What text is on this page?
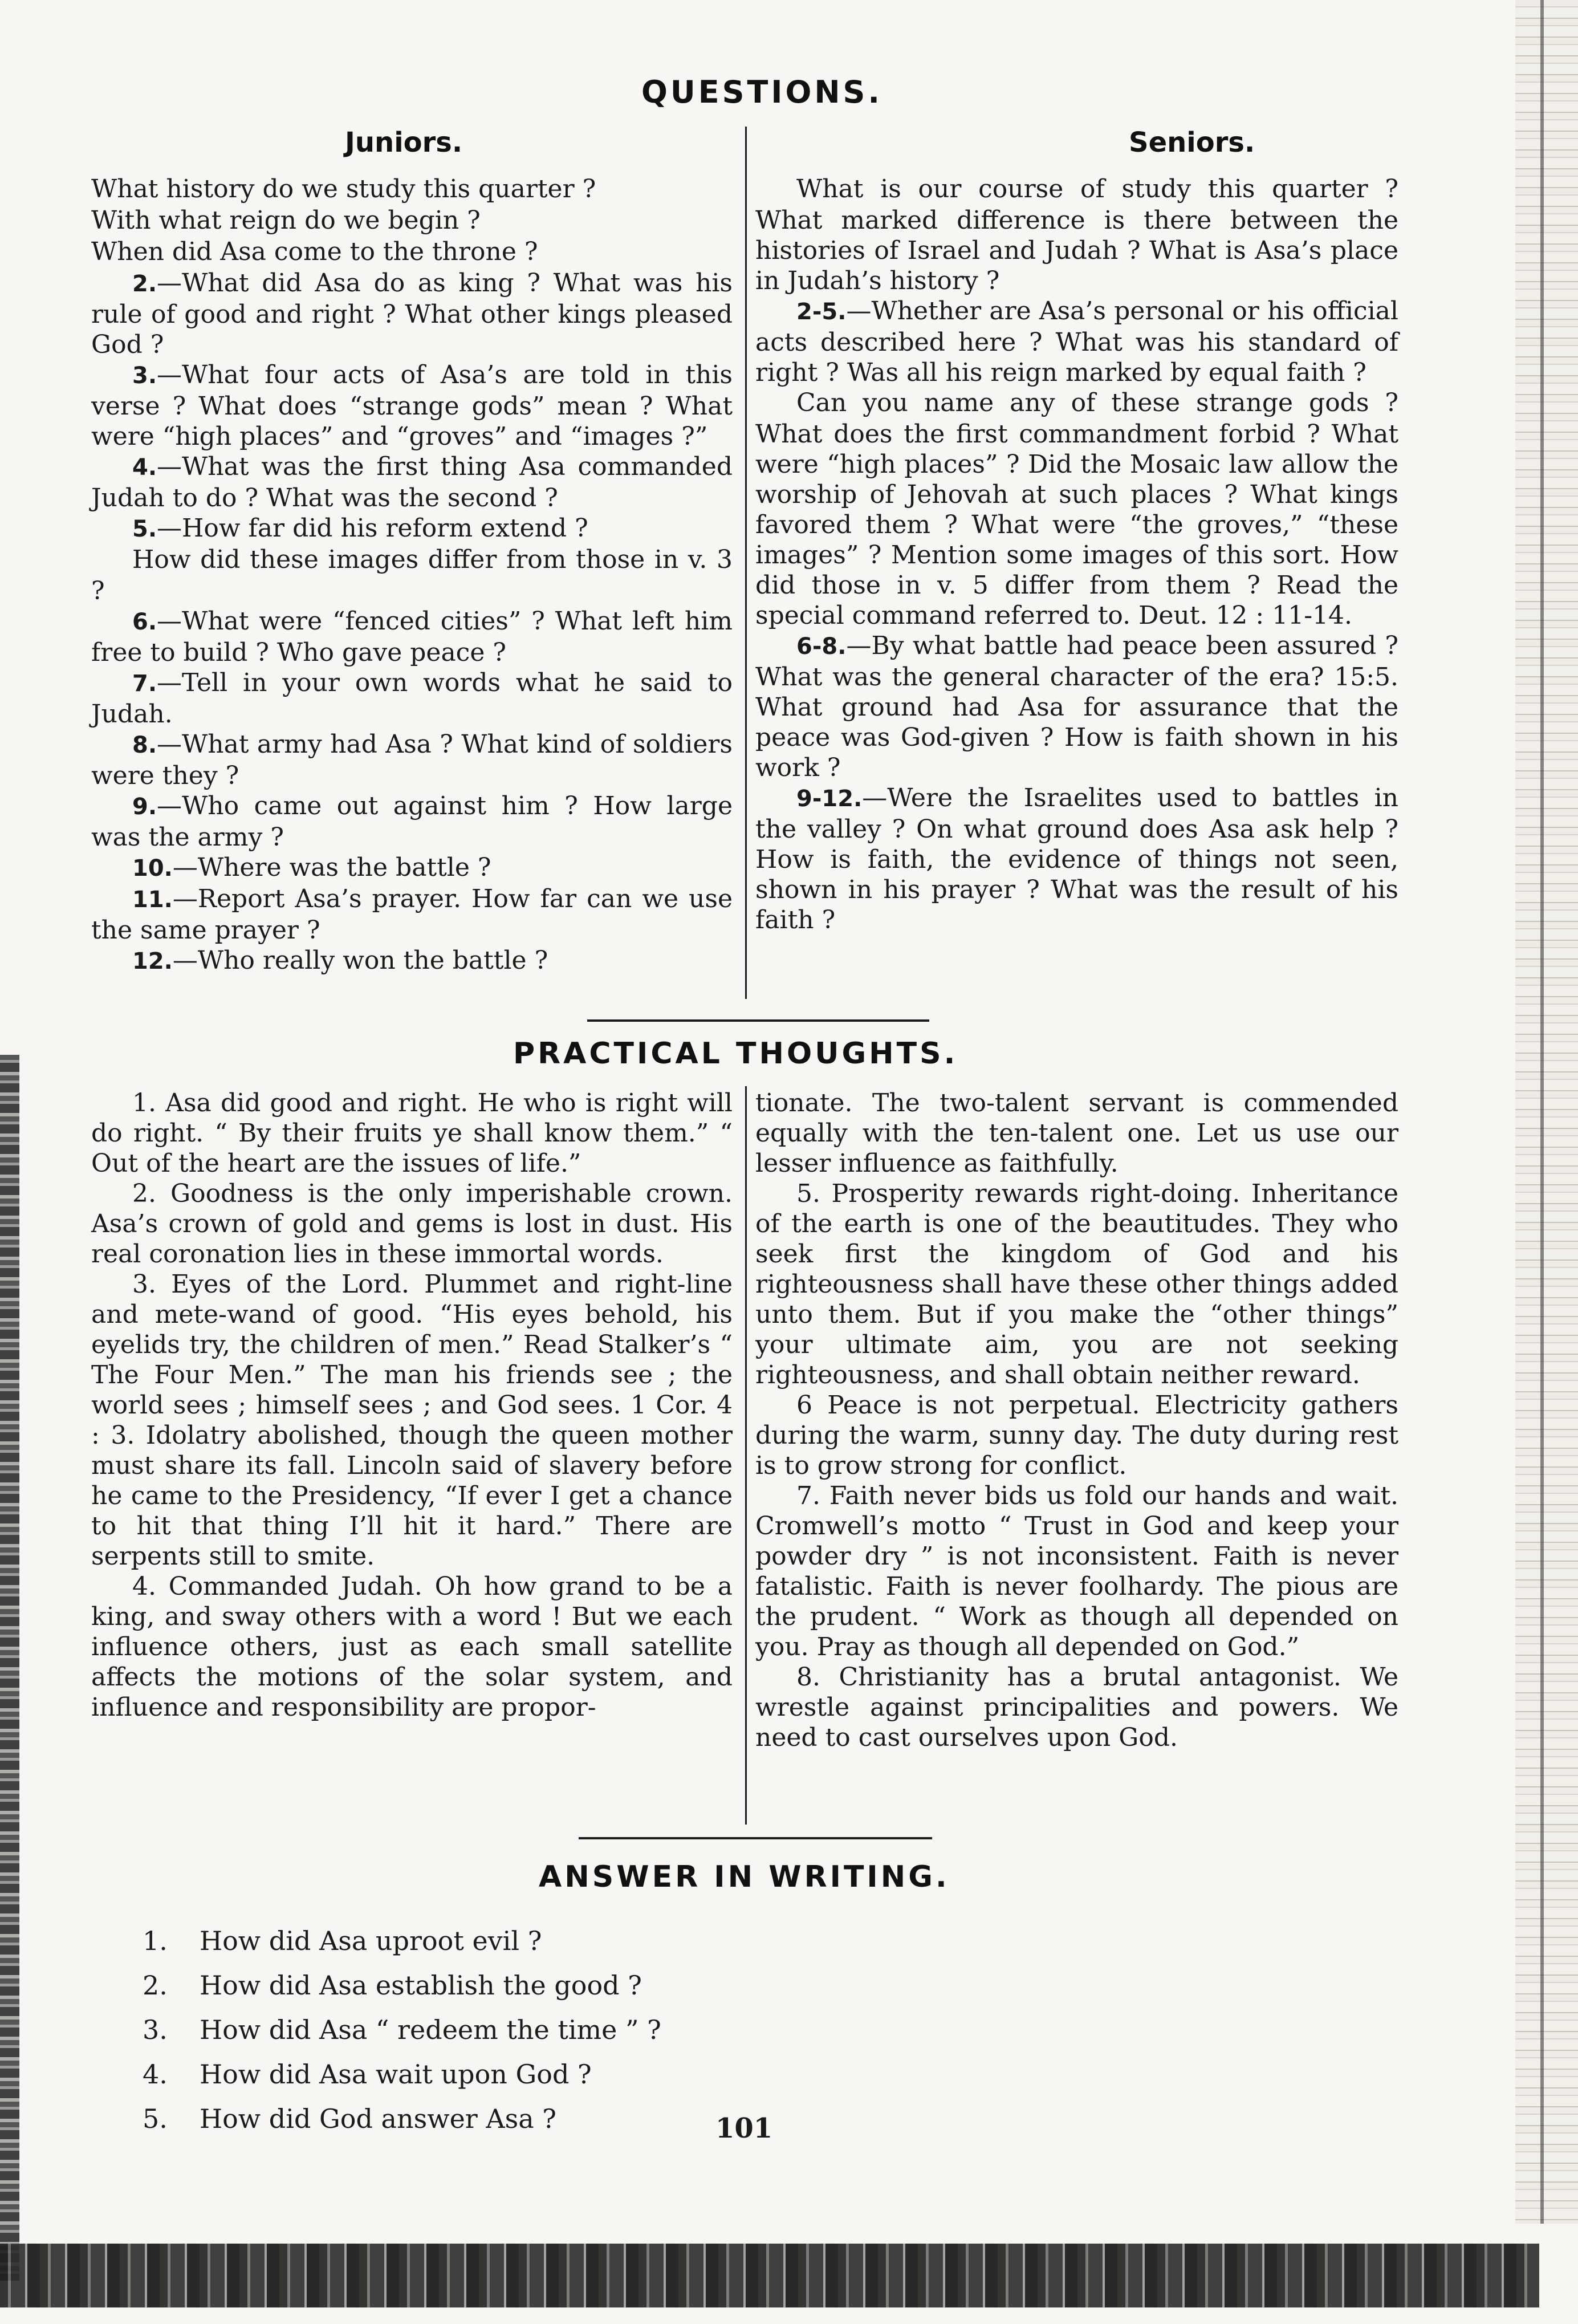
QUESTIONS.
Juniors.	Seniors.

What history do we study this quarter ?

With what reign do we begin ?

When did Asa come to the throne ?

2.—What did Asa do as king ? What was his rule of good and right ? What other kings pleased God ?

3.—What four acts of Asa’s are told in this verse ? What does “strange gods” mean ? What were “high places” and “groves” and “images ?”

4.—What was the first thing Asa commanded Judah to do ? What was the second ?

5.—How far did his reform extend ?

How did these images differ from those in v. 3 ?

6.—What were “fenced cities” ? What left him free to build ? Who gave peace ?

7.—Tell in your own words what he said to Judah.

8.—What army had Asa ? What kind of soldiers were they ?

9.—Who came out against him ? How large was the army ?

10.—Where was the battle ?

11.—Report Asa’s prayer. How far can we use the same prayer ?

12.—Who really won the battle ?

What is our course of study this quarter ? What marked difference is there between the histories of Israel and Judah ? What is Asa’s place in Judah’s history ?

2-5.—Whether are Asa’s personal or his official acts described here ? What was his standard of right ? Was all his reign marked by equal faith ?

Can you name any of these strange gods ? What does the first commandment forbid ? What were “high places” ? Did the Mosaic law allow the worship of Jehovah at such places ? What kings favored them ? What were “the groves,” “these images” ? Mention some images of this sort. How did those in v. 5 differ from them ? Read the special command referred to. Deut. 12 : 11-14.

6-8.—By what battle had peace been assured ? What was the general character of the era? 15:5. What ground had Asa for assurance that the peace was God-given ? How is faith shown in his work ?

9-12.—Were the Israelites used to battles in the valley ? On what ground does Asa ask help ? How is faith, the evidence of things not seen, shown in his prayer ? What was the result of his faith ?

PRACTICAL THOUGHTS.

1. Asa did good and right. He who is right will do right. “ By their fruits ye shall know them.” “ Out of the heart are the issues of life.”

2. Goodness is the only imperishable crown. Asa’s crown of gold and gems is lost in dust. His real coronation lies in these immortal words.

3. Eyes of the Lord. Plummet and right-line and mete-wand of good. “His eyes behold, his eyelids try, the children of men.” Read Stalker’s “ The Four Men.” The man his friends see ; the world sees ; himself sees ; and God sees. 1 Cor. 4 : 3. Idolatry abolished, though the queen mother must share its fall. Lincoln said of slavery before he came to the Presidency, “If ever I get a chance to hit that thing I’ll hit it hard.” There are serpents still to smite.

4. Commanded Judah. Oh how grand to be a king, and sway others with a word ! But we each influence others, just as each small satellite affects the motions of the solar system, and influence and responsibility are propor-

tionate. The two-talent servant is commended equally with the ten-talent one. Let us use our lesser influence as faithfully.

5. Prosperity rewards right-doing. Inheritance of the earth is one of the beautitudes. They who seek first the kingdom of God and his righteousness shall have these other things added unto them. But if you make the “other things” your ultimate aim, you are not seeking righteousness, and shall obtain neither reward.

6 Peace is not perpetual. Electricity gathers during the warm, sunny day. The duty during rest is to grow strong for conflict.

7. Faith never bids us fold our hands and wait. Cromwell’s motto “ Trust in God and keep your powder dry ” is not inconsistent. Faith is never fatalistic. Faith is never foolhardy. The pious are the prudent. “ Work as though all depended on you. Pray as though all depended on God.”

8. Christianity has a brutal antagonist. We wrestle against principalities and powers. We need to cast ourselves upon God.

ANSWER IN WRITING.
1. How did Asa uproot evil ?
2. How did Asa establish the good ?
3. How did Asa “ redeem the time ” ?
4. How did Asa wait upon God ?
5. How did God answer Asa ?	101
